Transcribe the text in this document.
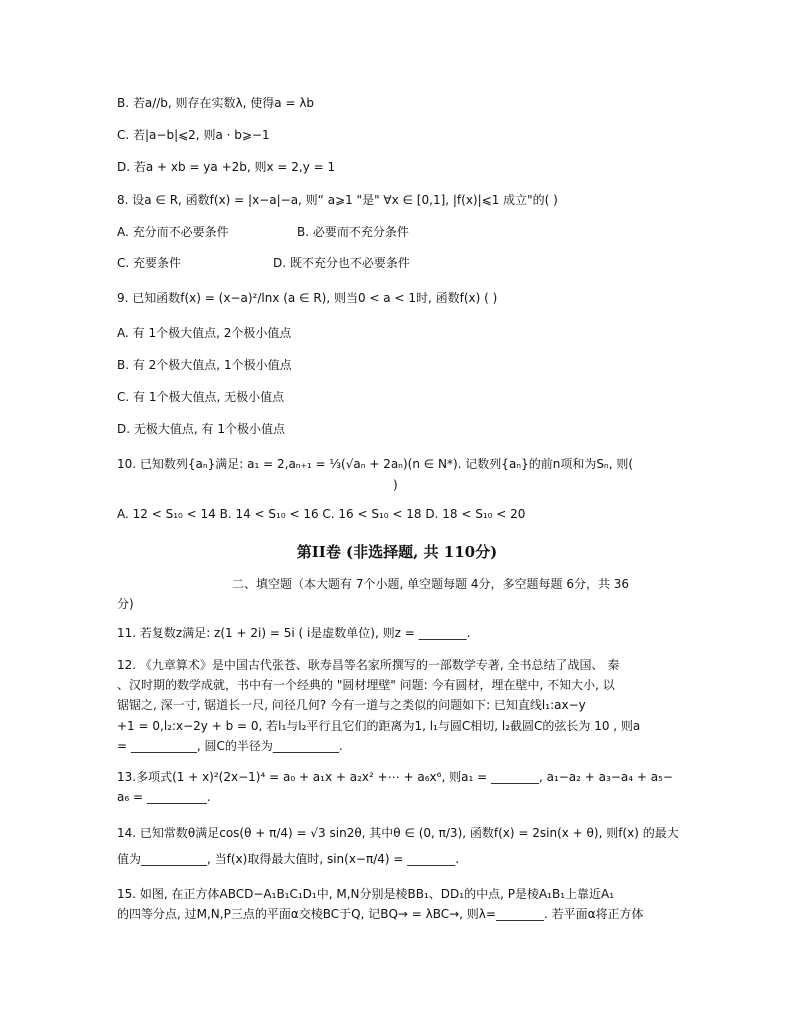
B. 若a//b, 则存在实数λ, 使得a = λb
C. 若|a−b|⩽2, 则a · b⩾−1
D. 若a + xb = ya +2b, 则x = 2,y = 1
8. 设a ∈ R, 函数f(x) = |x−a|−a, 则“ a⩾1 "是" ∀x ∈ [0,1], |f(x)|⩽1 成立"的( )
A. 充分而不必要条件	B. 必要而不充分条件
C. 充要条件	D. 既不充分也不必要条件
9. 已知函数f(x) = (x−a)²/lnx (a ∈ R), 则当0 < a < 1时, 函数f(x) ( )
A. 有 1个极大值点, 2个极小值点
B. 有 2个极大值点, 1个极小值点
C. 有 1个极大值点, 无极小值点
D. 无极大值点, 有 1个极小值点
10. 已知数列{aₙ}满足: a₁ = 2,aₙ₊₁ = ⅓(√aₙ + 2aₙ)(n ∈ N*). 记数列{aₙ}的前n项和为Sₙ, 则(
)
A. 12 < S₁₀ < 14 B. 14 < S₁₀ < 16 C. 16 < S₁₀ < 18 D. 18 < S₁₀ < 20
第II卷 (非选择题, 共 110分)
二、填空题（本大题有 7个小题, 单空题每题 4分，多空题每题 6分，共 36
分)
11. 若复数z满足: z(1 + 2i) = 5i ( i是虚数单位), 则z = ________.
12. 《九章算术》是中国古代张苍、耿寿昌等名家所撰写的一部数学专著, 全书总结了战国、 秦
、汉时期的数学成就，书中有一个经典的 "圆材埋壁" 问题: 今有圆材，埋在壁中, 不知大小, 以
锯锯之, 深一寸, 锯道长一尺, 问径几何? 今有一道与之类似的问题如下: 已知直线l₁:ax−y
+1 = 0,l₂:x−2y + b = 0, 若l₁与l₂平行且它们的距离为1, l₁与圆C相切, l₂截圆C的弦长为 10 , 则a
= ___________, 圆C的半径为___________.
13.多项式(1 + x)²(2x−1)⁴ = a₀ + a₁x + a₂x² +⋯ + a₆x⁶, 则a₁ = ________, a₁−a₂ + a₃−a₄ + a₅−
a₆ = __________.
14. 已知常数θ满足cos(θ + π/4) = √3 sin2θ, 其中θ ∈ (0, π/3), 函数f(x) = 2sin(x + θ), 则f(x) 的最大
值为___________, 当f(x)取得最大值时, sin(x−π/4) = ________.
15. 如图, 在正方体ABCD−A₁B₁C₁D₁中, M,N分别是棱BB₁、DD₁的中点, P是棱A₁B₁上靠近A₁
的四等分点, 过M,N,P三点的平面α交棱BC于Q, 记BQ→ = λBC→, 则λ=________. 若平面α将正方体
